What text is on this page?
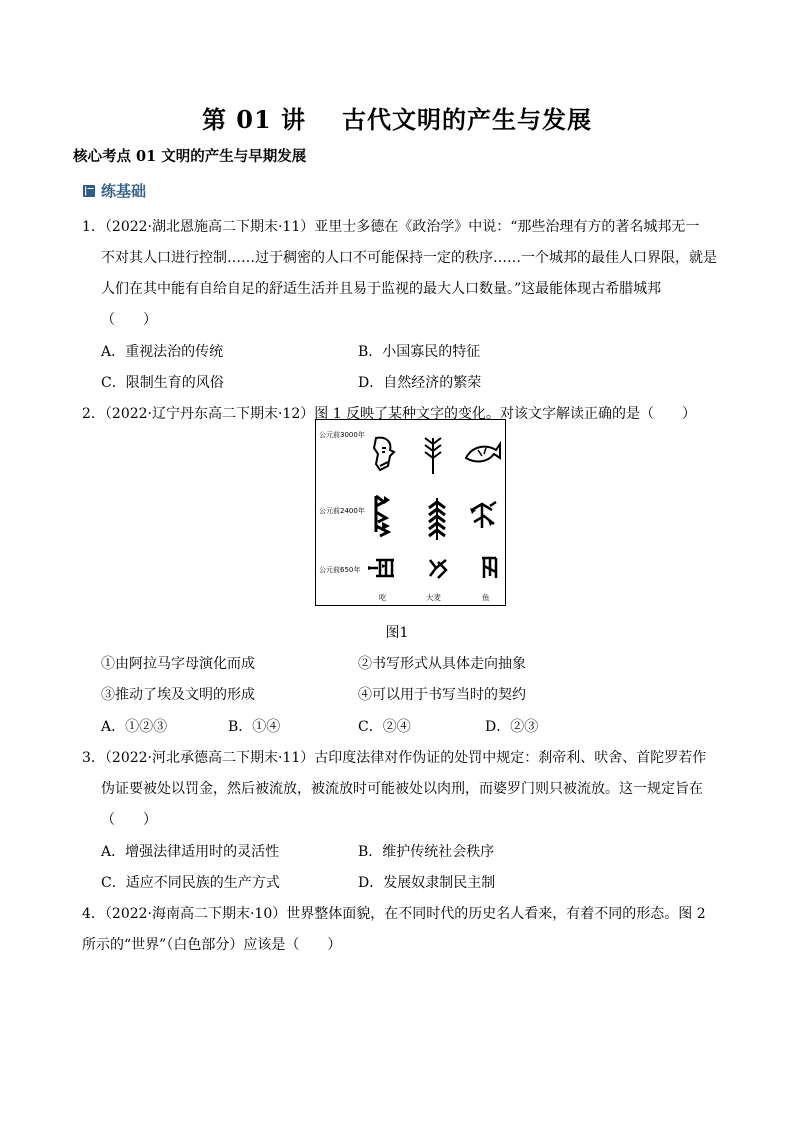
第 01 讲 古代文明的产生与发展
核心考点 01 文明的产生与早期发展
练基础
1．（2022·湖北恩施高二下期末·11）亚里士多德在《政治学》中说：“那些治理有方的著名城邦无一
不对其人口进行控制……过于稠密的人口不可能保持一定的秩序……一个城邦的最佳人口界限，就是
人们在其中能有自给自足的舒适生活并且易于监视的最大人口数量。”这最能体现古希腊城邦
（　　）
A．重视法治的传统	B．小国寡民的特征
C．限制生育的风俗	D．自然经济的繁荣
2．（2022·辽宁丹东高二下期末·12）图 1 反映了某种文字的变化。对该文字解读正确的是（　　）
公元前3000年
公元前2400年
公元前650年
吃	大麦	鱼
图1
①由阿拉马字母演化而成	②书写形式从具体走向抽象
③推动了埃及文明的形成	④可以用于书写当时的契约
A．①②③	B．①④	C．②④	D．②③
3．（2022·河北承德高二下期末·11）古印度法律对作伪证的处罚中规定：刹帝利、吠舍、首陀罗若作
伪证要被处以罚金，然后被流放，被流放时可能被处以肉刑，而婆罗门则只被流放。这一规定旨在
（　　）
A．增强法律适用时的灵活性	B．维护传统社会秩序
C．适应不同民族的生产方式	D．发展奴隶制民主制
4．（2022·海南高二下期末·10）世界整体面貌，在不同时代的历史名人看来，有着不同的形态。图 2
所示的“世界”（白色部分）应该是（　　）
